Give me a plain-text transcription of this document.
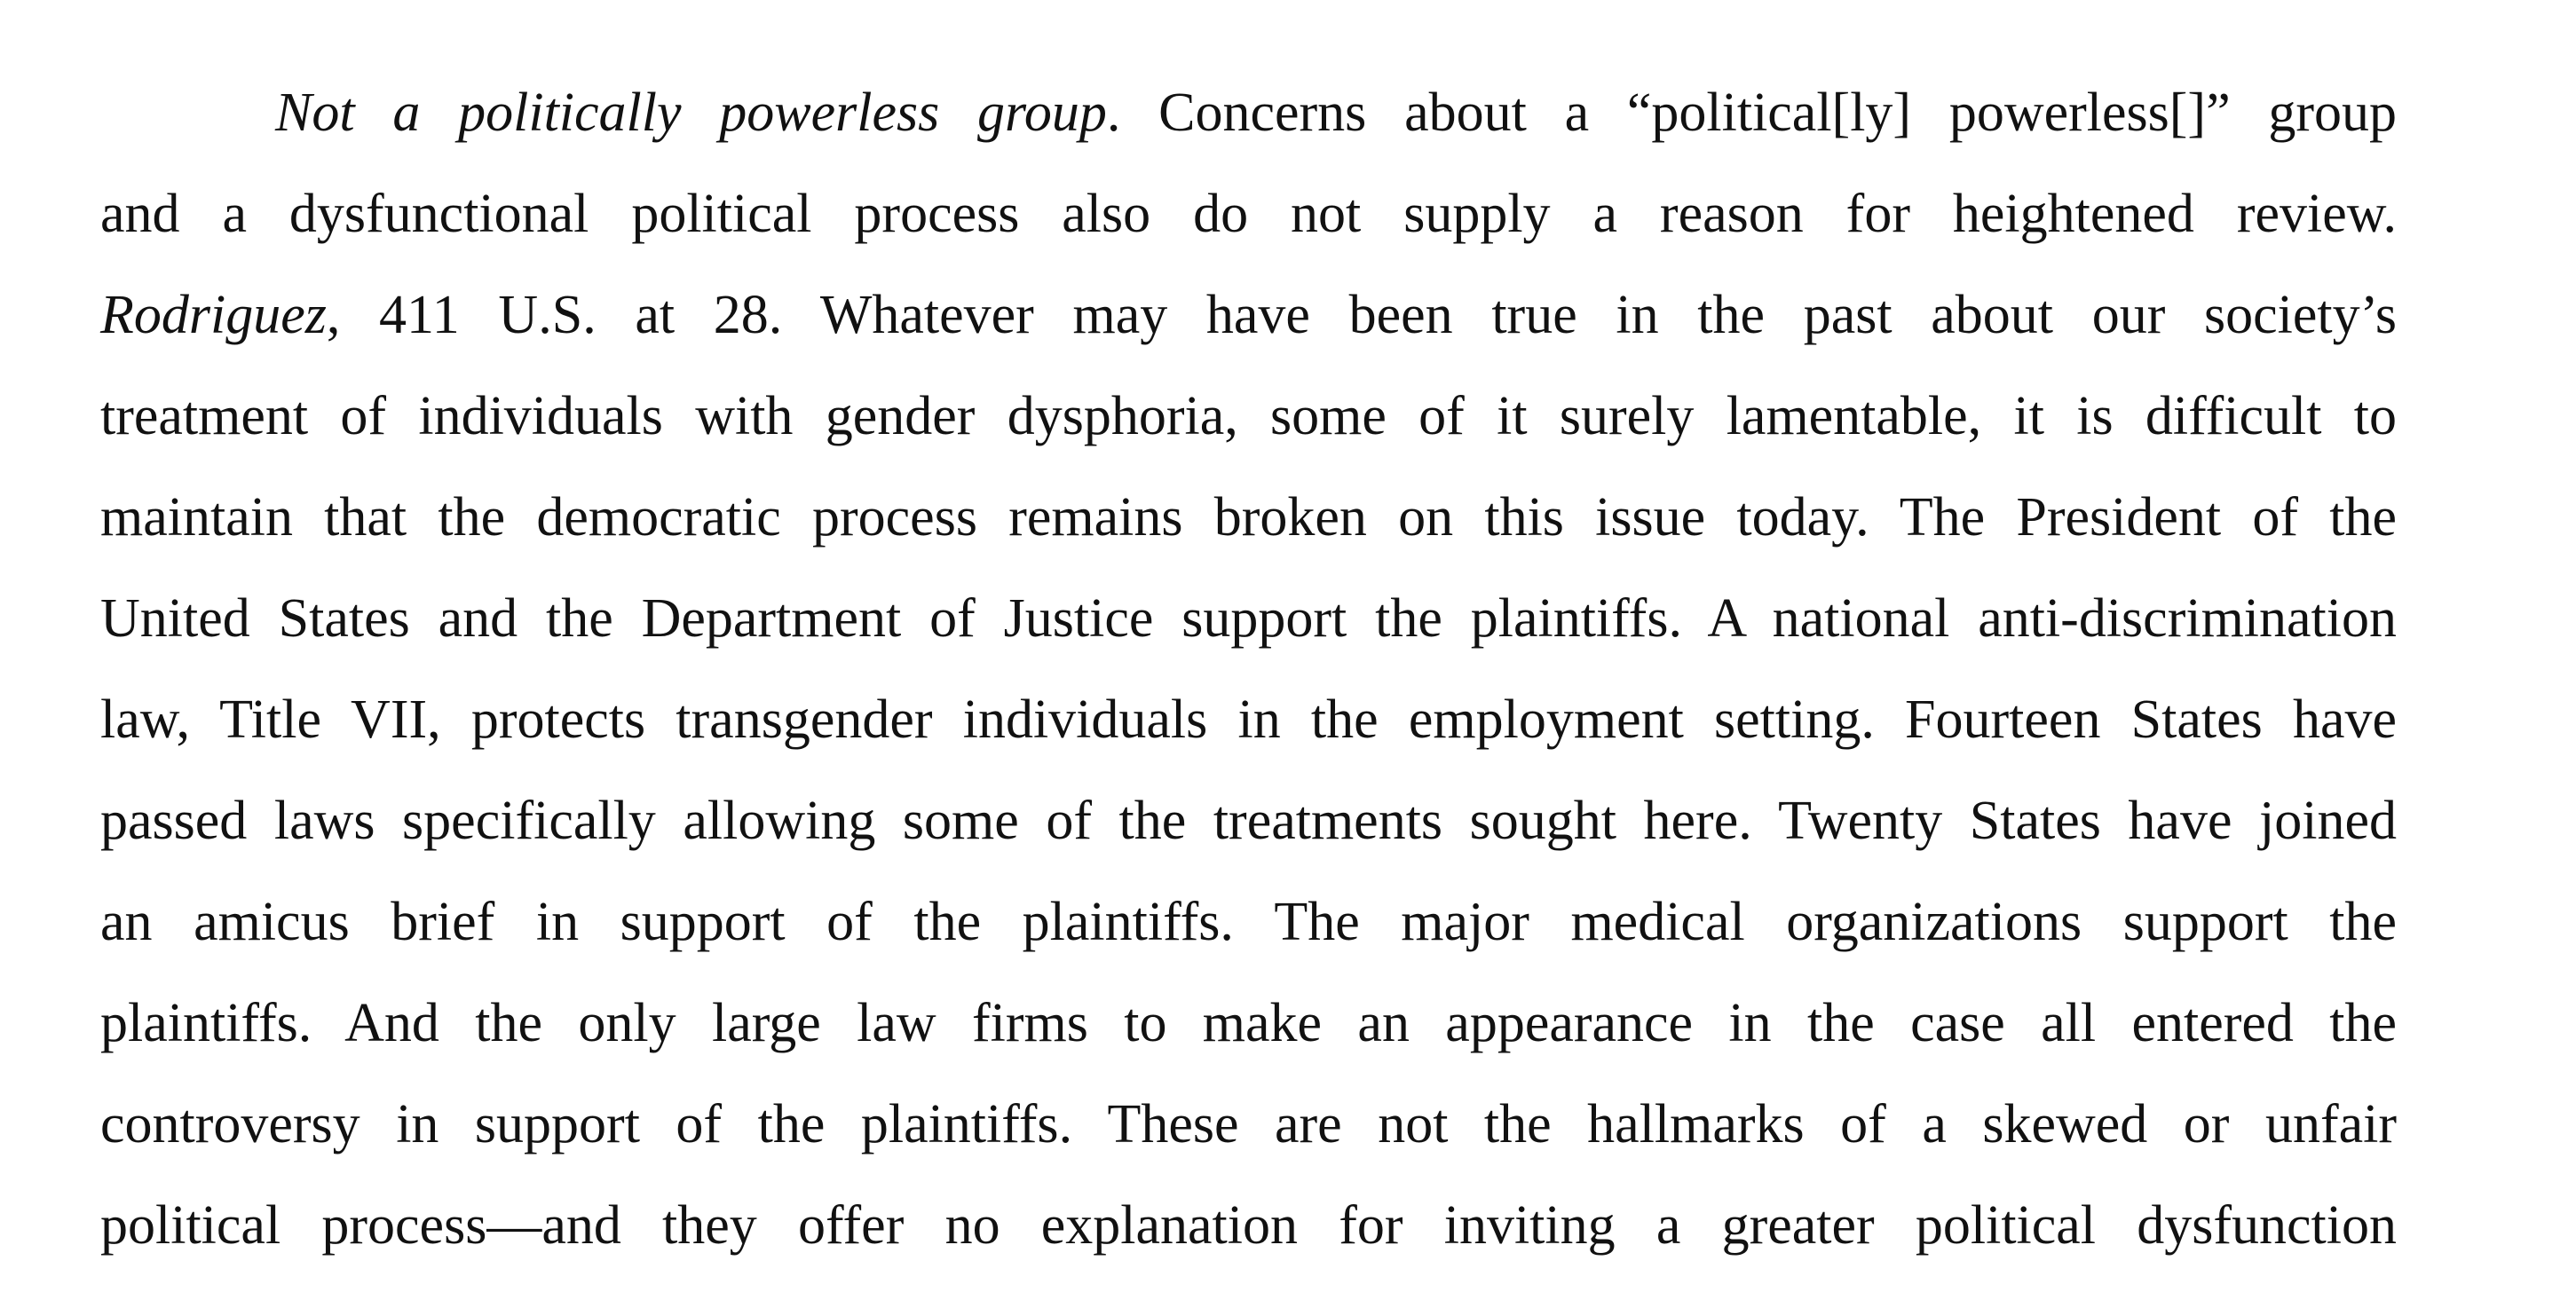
Not a politically powerless group. Concerns about a “political[ly] powerless[]” group
and a dysfunctional political process also do not supply a reason for heightened review.
Rodriguez, 411 U.S. at 28. Whatever may have been true in the past about our society’s
treatment of individuals with gender dysphoria, some of it surely lamentable, it is difficult to
maintain that the democratic process remains broken on this issue today. The President of the
United States and the Department of Justice support the plaintiffs. A national anti-discrimination
law, Title VII, protects transgender individuals in the employment setting. Fourteen States have
passed laws specifically allowing some of the treatments sought here. Twenty States have joined
an amicus brief in support of the plaintiffs. The major medical organizations support the
plaintiffs. And the only large law firms to make an appearance in the case all entered the
controversy in support of the plaintiffs. These are not the hallmarks of a skewed or unfair
political process—and they offer no explanation for inviting a greater political dysfunction
